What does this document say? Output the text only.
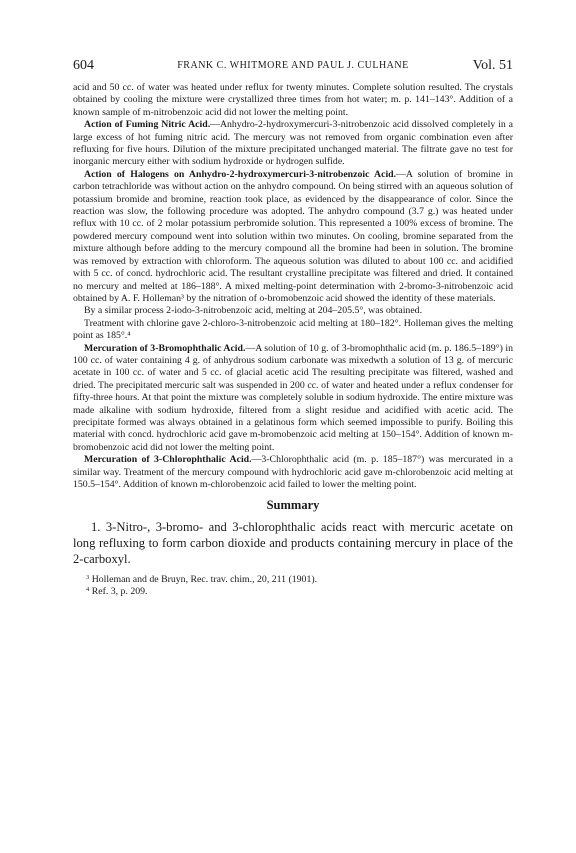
604	FRANK C. WHITMORE AND PAUL J. CULHANE	Vol. 51

acid and 50 cc. of water was heated under reflux for twenty minutes. Complete solution resulted. The crystals obtained by cooling the mixture were crystallized three times from hot water; m. p. 141–143°. Addition of a known sample of m-nitrobenzoic acid did not lower the melting point.

Action of Fuming Nitric Acid.—Anhydro-2-hydroxymercuri-3-nitrobenzoic acid dissolved completely in a large excess of hot fuming nitric acid. The mercury was not removed from organic combination even after refluxing for five hours. Dilution of the mixture precipitated unchanged material. The filtrate gave no test for inorganic mercury either with sodium hydroxide or hydrogen sulfide.

Action of Halogens on Anhydro-2-hydroxymercuri-3-nitrobenzoic Acid.—A solution of bromine in carbon tetrachloride was without action on the anhydro compound. On being stirred with an aqueous solution of potassium bromide and bromine, reaction took place, as evidenced by the disappearance of color. Since the reaction was slow, the following procedure was adopted. The anhydro compound (3.7 g.) was heated under reflux with 10 cc. of 2 molar potassium perbromide solution. This represented a 100% excess of bromine. The powdered mercury compound went into solution within two minutes. On cooling, bromine separated from the mixture although before adding to the mercury compound all the bromine had been in solution. The bromine was removed by extraction with chloroform. The aqueous solution was diluted to about 100 cc. and acidified with 5 cc. of concd. hydrochloric acid. The resultant crystalline precipitate was filtered and dried. It contained no mercury and melted at 186–188°. A mixed melting-point determination with 2-bromo-3-nitrobenzoic acid obtained by A. F. Holleman³ by the nitration of o-bromobenzoic acid showed the identity of these materials.

By a similar process 2-iodo-3-nitrobenzoic acid, melting at 204–205.5°, was obtained.

Treatment with chlorine gave 2-chloro-3-nitrobenzoic acid melting at 180–182°. Holleman gives the melting point as 185°.⁴

Mercuration of 3-Bromophthalic Acid.—A solution of 10 g. of 3-bromophthalic acid (m. p. 186.5–189°) in 100 cc. of water containing 4 g. of anhydrous sodium carbonate was mixedwth a solution of 13 g. of mercuric acetate in 100 cc. of water and 5 cc. of glacial acetic acid The resulting precipitate was filtered, washed and dried. The precipitated mercuric salt was suspended in 200 cc. of water and heated under a reflux condenser for fifty-three hours. At that point the mixture was completely soluble in sodium hydroxide. The entire mixture was made alkaline with sodium hydroxide, filtered from a slight residue and acidified with acetic acid. The precipitate formed was always obtained in a gelatinous form which seemed impossible to purify. Boiling this material with concd. hydrochloric acid gave m-bromobenzoic acid melting at 150–154°. Addition of known m-bromobenzoic acid did not lower the melting point.

Mercuration of 3-Chlorophthalic Acid.—3-Chlorophthalic acid (m. p. 185–187°) was mercurated in a similar way. Treatment of the mercury compound with hydrochloric acid gave m-chlorobenzoic acid melting at 150.5–154°. Addition of known m-chlorobenzoic acid failed to lower the melting point.

Summary

1. 3-Nitro-, 3-bromo- and 3-chlorophthalic acids react with mercuric acetate on long refluxing to form carbon dioxide and products containing mercury in place of the 2-carboxyl.

$^3$ Holleman and de Bruyn, Rec. trav. chim., 20, 211 (1901).
$^4$ Ref. 3, p. 209.
